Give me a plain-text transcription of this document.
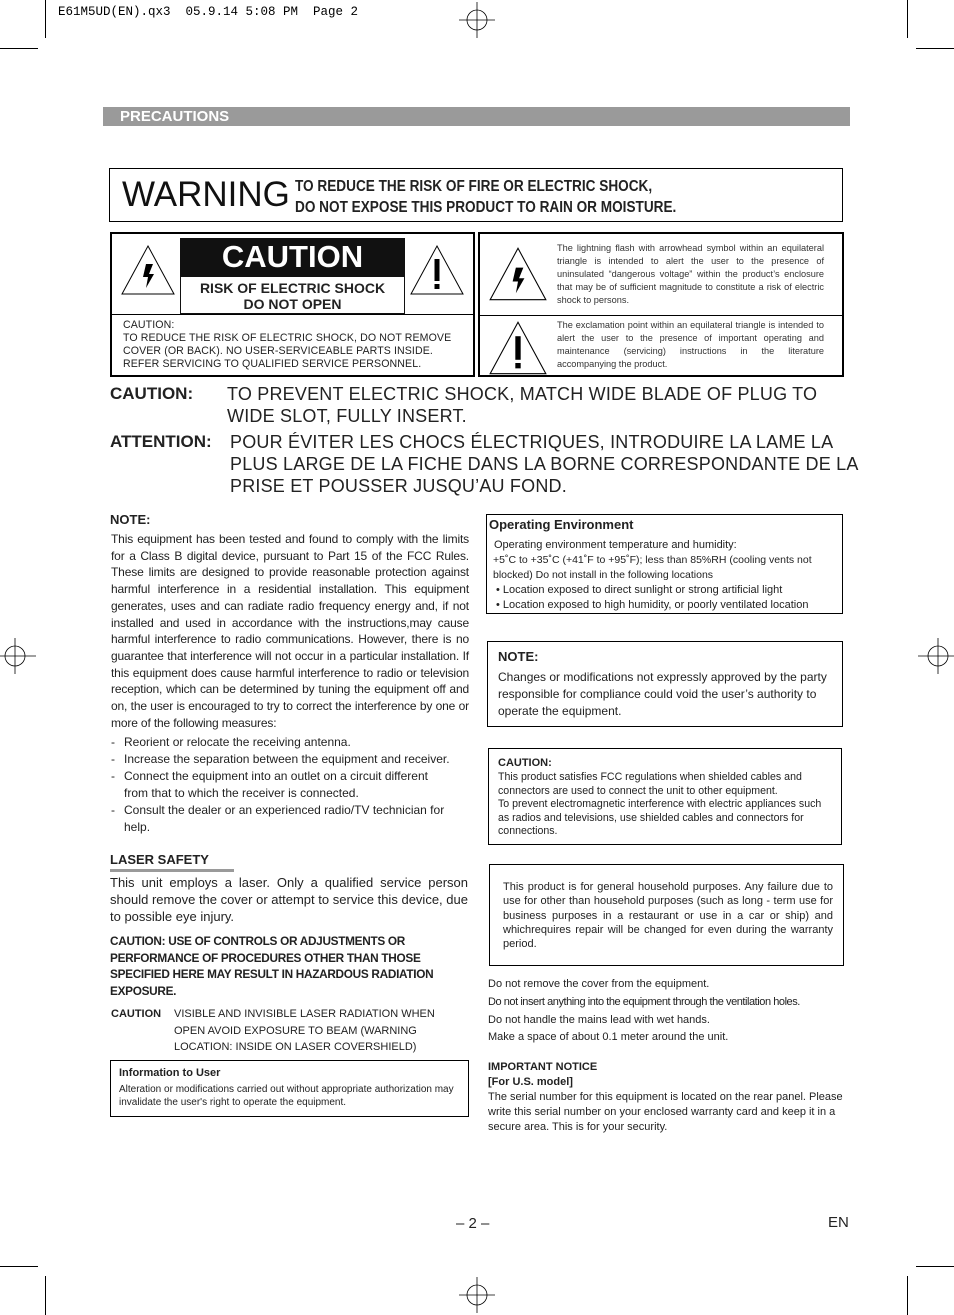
E61M5UD(EN).qx3  05.9.14 5:08 PM  Page 2
PRECAUTIONS
WARNING TO REDUCE THE RISK OF FIRE OR ELECTRIC SHOCK,
DO NOT EXPOSE THIS PRODUCT TO RAIN OR MOISTURE.
CAUTION
RISK OF ELECTRIC SHOCK
DO NOT OPEN
CAUTION:
TO REDUCE THE RISK OF ELECTRIC SHOCK, DO NOT REMOVE
COVER (OR BACK). NO USER-SERVICEABLE PARTS INSIDE.
REFER SERVICING TO QUALIFIED SERVICE PERSONNEL.
The lightning flash with arrowhead symbol within an equilateral triangle is intended to alert the user to the presence of uninsulated “dangerous voltage” within the product’s enclosure that may be of sufficient magnitude to constitute a risk of electric shock to persons.
The exclamation point within an equilateral triangle is intended to alert the user to the presence of important operating and maintenance (servicing) instructions in the literature accompanying the product.
CAUTION: TO PREVENT ELECTRIC SHOCK, MATCH WIDE BLADE OF PLUG TO
WIDE SLOT, FULLY INSERT.
ATTENTION: POUR ÉVITER LES CHOCS ÉLECTRIQUES, INTRODUIRE LA LAME LA
PLUS LARGE DE LA FICHE DANS LA BORNE CORRESPONDANTE DE LA
PRISE ET POUSSER JUSQU’AU FOND.
NOTE:
This equipment has been tested and found to comply with the limits for a Class B digital device, pursuant to Part 15 of the FCC Rules. These limits are designed to provide reasonable protection against harmful interference in a residential installation. This equipment generates, uses and can radiate radio frequency energy and, if not installed and used in accordance with the instructions,may cause harmful interference to radio communications. However, there is no guarantee that interference will not occur in a particular installation. If this equipment does cause harmful interference to radio or television reception, which can be determined by tuning the equipment off and on, the user is encouraged to try to correct the interference by one or more of the following measures:
- Reorient or relocate the receiving antenna.
- Increase the separation between the equipment and receiver.
- Connect the equipment into an outlet on a circuit different from that to which the receiver is connected.
- Consult the dealer or an experienced radio/TV technician for help.
LASER SAFETY
This unit employs a laser. Only a qualified service person should remove the cover or attempt to service this device, due to possible eye injury.
CAUTION: USE OF CONTROLS OR ADJUSTMENTS OR PERFORMANCE OF PROCEDURES OTHER THAN THOSE SPECIFIED HERE MAY RESULT IN HAZARDOUS RADIATION EXPOSURE.
CAUTION VISIBLE AND INVISIBLE LASER RADIATION WHEN OPEN AVOID EXPOSURE TO BEAM (WARNING LOCATION: INSIDE ON LASER COVERSHIELD)
Information to User
Alteration or modifications carried out without appropriate authorization may invalidate the user's right to operate the equipment.
Operating Environment
Operating environment temperature and humidity:
+5˚C to +35˚C (+41˚F to +95˚F); less than 85%RH (cooling vents not blocked) Do not install in the following locations
• Location exposed to direct sunlight or strong artificial light
• Location exposed to high humidity, or poorly ventilated location
NOTE:
Changes or modifications not expressly approved by the party responsible for compliance could void the user’s authority to operate the equipment.
CAUTION:
This product satisfies FCC regulations when shielded cables and connectors are used to connect the unit to other equipment.
To prevent electromagnetic interference with electric appliances such as radios and televisions, use shielded cables and connectors for connections.
This product is for general household purposes. Any failure due to use for other than household purposes (such as long - term use for business purposes in a restaurant or use in a car or ship) and whichrequires repair will be changed for even during the warranty period.
Do not remove the cover from the equipment.
Do not insert anything into the equipment through the ventilation holes.
Do not handle the mains lead with wet hands.
Make a space of about 0.1 meter around the unit.
IMPORTANT NOTICE
[For U.S. model]
The serial number for this equipment is located on the rear panel. Please write this serial number on your enclosed warranty card and keep it in a secure area. This is for your security.
– 2 –	EN
